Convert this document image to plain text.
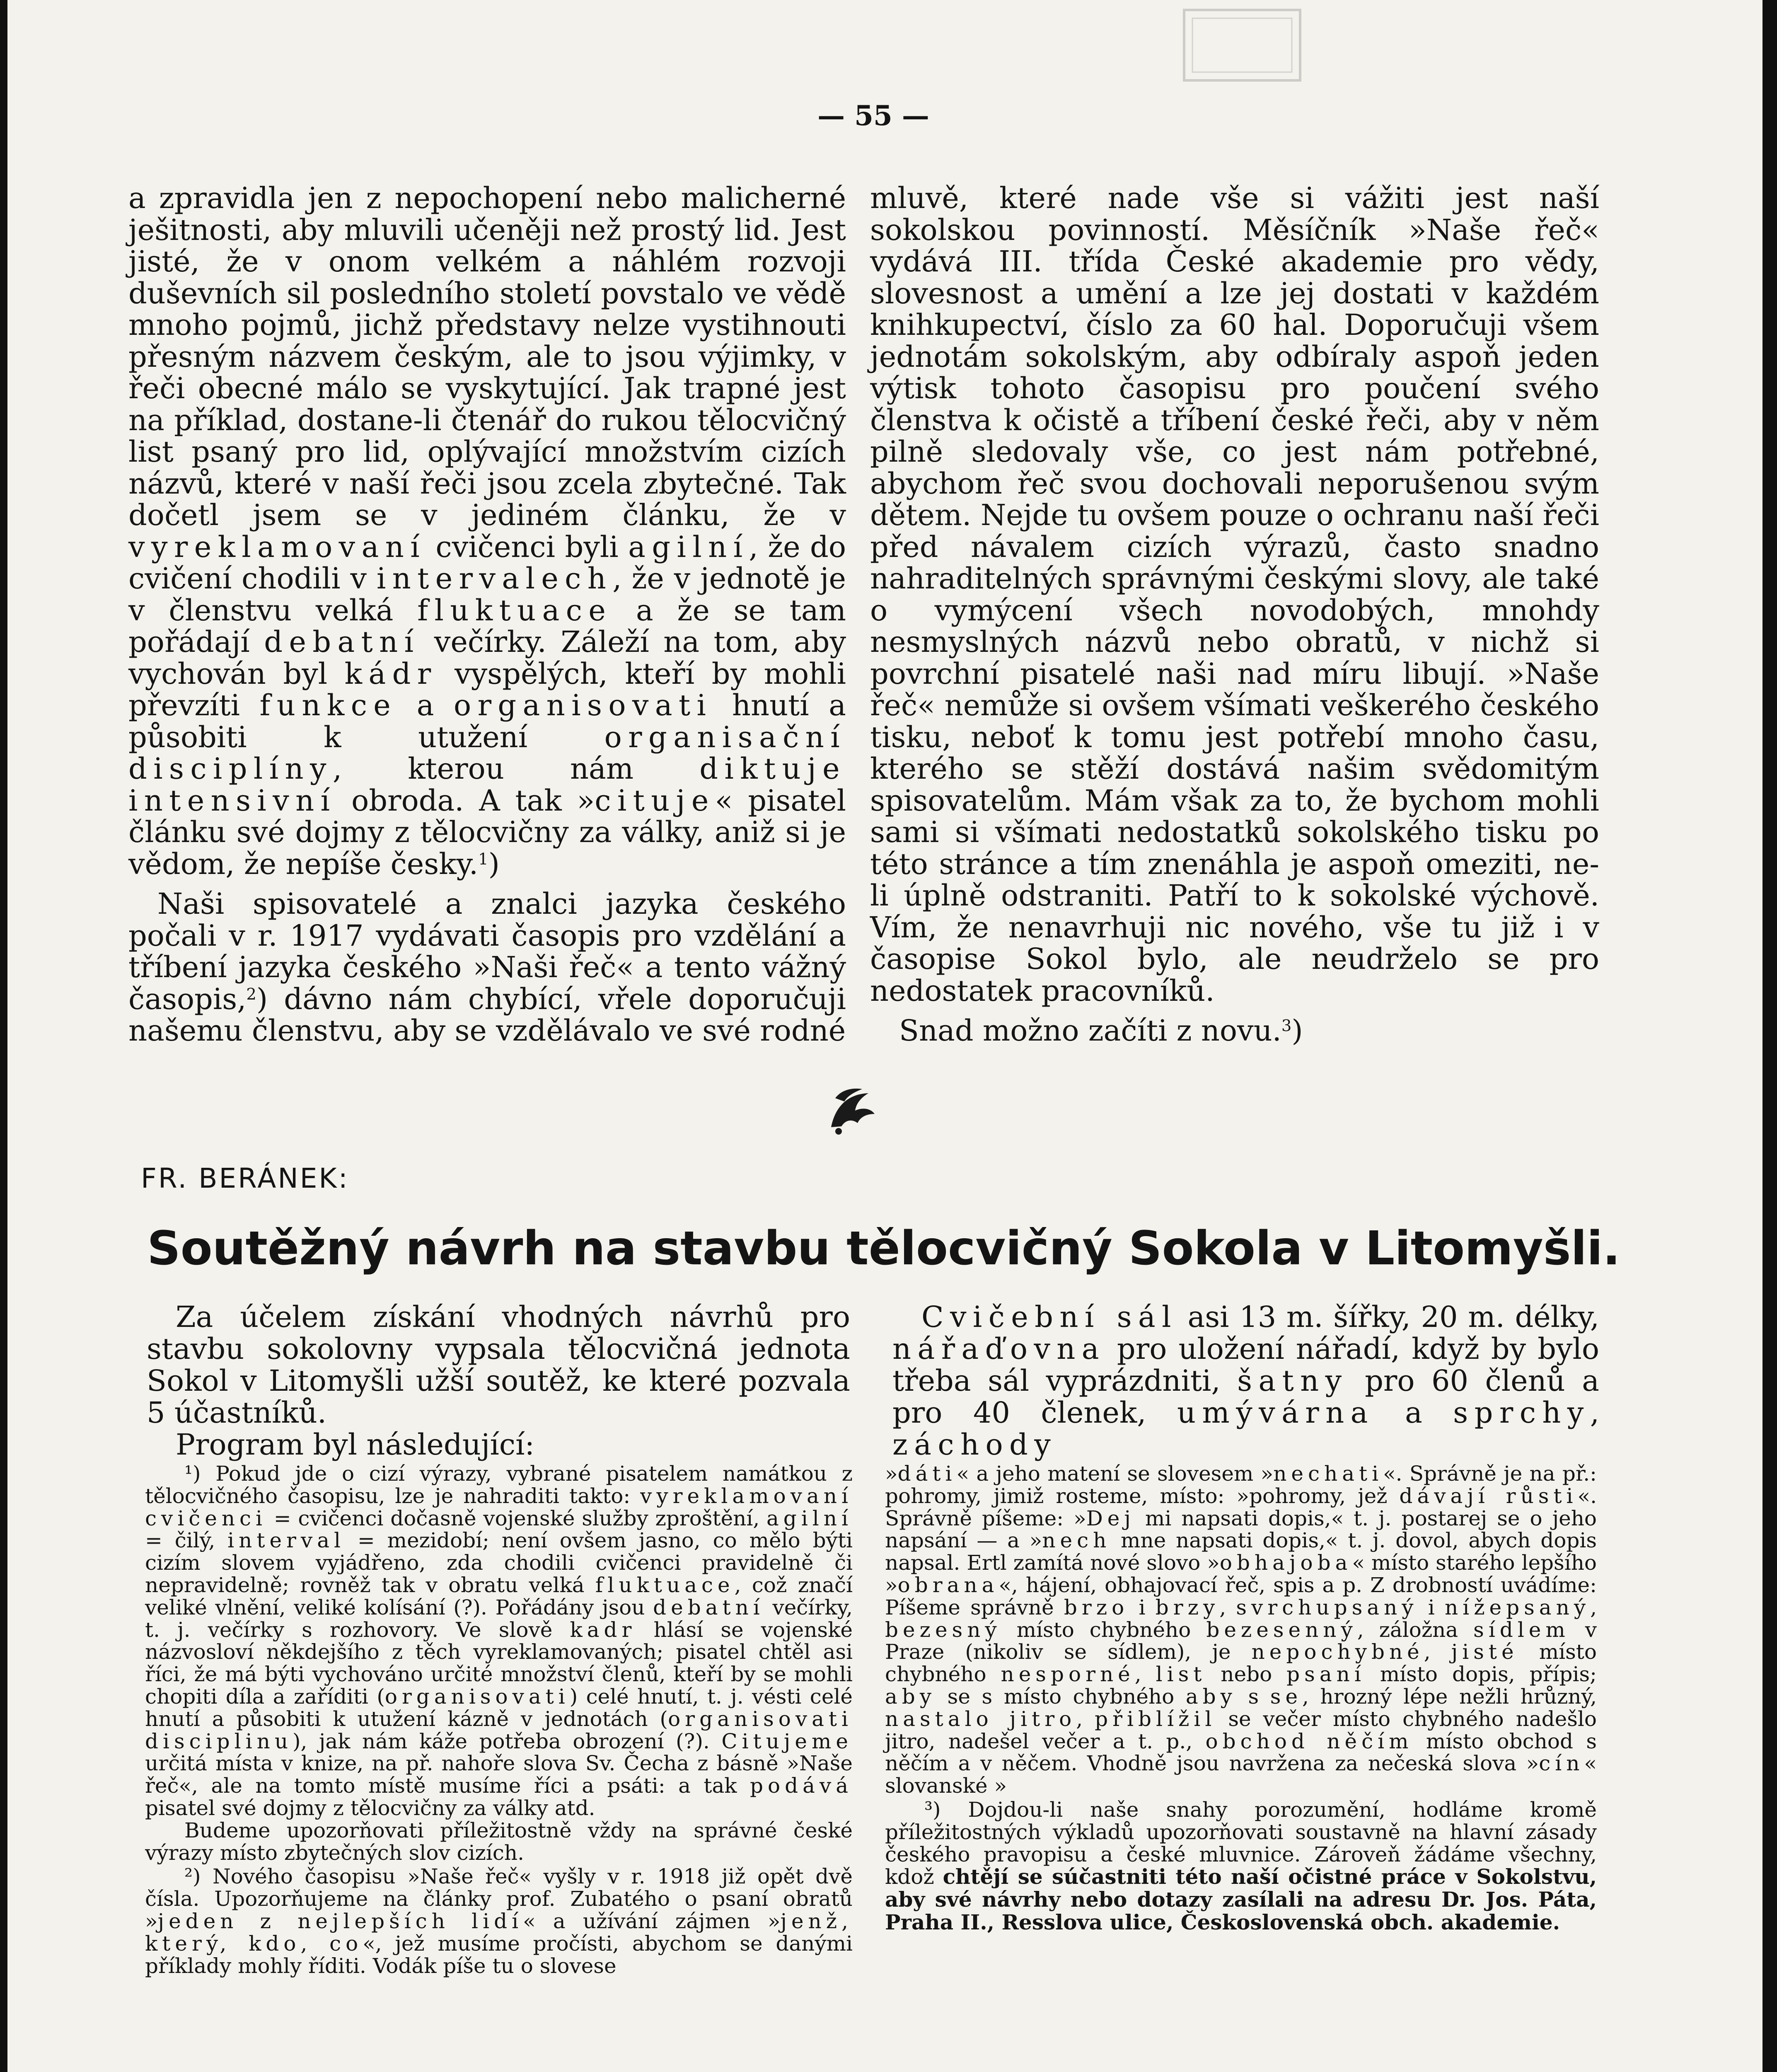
— 55 —

a zpravidla jen z nepochopení nebo malicherné ješitnosti, aby mluvili učeněji než prostý lid. Jest jisté, že v onom velkém a náhlém rozvoji duševních sil posledního století povstalo ve vědě mnoho pojmů, jichž představy nelze vystihnouti přesným názvem českým, ale to jsou výjimky, v řeči obecné málo se vyskytující. Jak trapné jest na příklad, dostane-li čtenář do rukou tělocvičný list psaný pro lid, oplývající množstvím cizích názvů, které v naší řeči jsou zcela zbytečné. Tak dočetl jsem se v jediném článku, že v vyreklamovaní cvičenci byli agilní, že do cvičení chodili v intervalech, že v jednotě je v členstvu velká fluktuace a že se tam pořádají debatní večírky. Záleží na tom, aby vychován byl kádr vyspělých, kteří by mohli převzíti funkce a organisovati hnutí a působiti k utužení organisační disciplíny, kterou nám diktuje intensivní obroda. A tak »cituje« pisatel článku své dojmy z tělocvičny za války, aniž si je vědom, že nepíše česky.$^1$)

Naši spisovatelé a znalci jazyka českého počali v r. 1917 vydávati časopis pro vzdělání a tříbení jazyka českého »Naši řeč« a tento vážný časopis,$^2$) dávno nám chybící, vřele doporučuji našemu členstvu, aby se vzdělávalo ve své rodné

mluvě, které nade vše si vážiti jest naší sokolskou povinností. Měsíčník »Naše řeč« vydává III. třída České akademie pro vědy, slovesnost a umění a lze jej dostati v každém knihkupectví, číslo za 60 hal. Doporučuji všem jednotám sokolským, aby odbíraly aspoň jeden výtisk tohoto časopisu pro poučení svého členstva k očistě a tříbení české řeči, aby v něm pilně sledovaly vše, co jest nám potřebné, abychom řeč svou dochovali neporušenou svým dětem. Nejde tu ovšem pouze o ochranu naší řeči před návalem cizích výrazů, často snadno nahraditelných správnými českými slovy, ale také o vymýcení všech novodobých, mnohdy nesmyslných názvů nebo obratů, v nichž si povrchní pisatelé naši nad míru libují. »Naše řeč« nemůže si ovšem všímati veškerého českého tisku, neboť k tomu jest potřebí mnoho času, kterého se stěží dostává našim svědomitým spisovatelům. Mám však za to, že bychom mohli sami si všímati nedostatků sokolského tisku po této stránce a tím znenáhla je aspoň omeziti, ne-li úplně odstraniti. Patří to k sokolské výchově. Vím, že nenavrhuji nic nového, vše tu již i v časopise Sokol bylo, ale neudrželo se pro nedostatek pracovníků.

Snad možno začíti z novu.$^3$)

FR. BERÁNEK:
Soutěžný návrh na stavbu tělocvičný Sokola v Litomyšli.

Za účelem získání vhodných návrhů pro stavbu sokolovny vypsala tělocvičná jednota Sokol v Litomyšli užší soutěž, ke které pozvala 5 účastníků.

Program byl následující:

Cvičební sál asi 13 m. šířky, 20 m. délky, nářaďovna pro uložení nářadí, když by bylo třeba sál vyprázdniti, šatny pro 60 členů a pro 40 členek, umývárna a sprchy, záchody

¹) Pokud jde o cizí výrazy, vybrané pisatelem namátkou z tělocvičného časopisu, lze je nahraditi takto: vyreklamovaní cvičenci = cvičenci dočasně vojenské služby zproštění, agilní = čilý, interval = mezidobí; není ovšem jasno, co mělo býti cizím slovem vyjádřeno, zda chodili cvičenci pravidelně či nepravidelně; rovněž tak v obratu velká fluktuace, což značí veliké vlnění, veliké kolísání (?). Pořádány jsou debatní večírky, t. j. večírky s rozhovory. Ve slově kadr hlásí se vojenské názvosloví někdejšího z těch vyreklamovaných; pisatel chtěl asi říci, že má býti vychováno určité množství členů, kteří by se mohli chopiti díla a zaříditi (organisovati) celé hnutí, t. j. vésti celé hnutí a působiti k utužení kázně v jednotách (organisovati disciplinu), jak nám káže potřeba obrození (?). Citujeme určitá místa v knize, na př. nahoře slova Sv. Čecha z básně »Naše řeč«, ale na tomto místě musíme říci a psáti: a tak podává pisatel své dojmy z tělocvičny za války atd.

Budeme upozorňovati příležitostně vždy na správné české výrazy místo zbytečných slov cizích.

²) Nového časopisu »Naše řeč« vyšly v r. 1918 již opět dvě čísla. Upozorňujeme na články prof. Zubatého o psaní obratů »jeden z nejlepších lidí« a užívání zájmen »jenž, který, kdo, co«, jež musíme pročísti, abychom se danými příklady mohly říditi. Vodák píše tu o slovese

»dáti« a jeho matení se slovesem »nechati«. Správně je na př.: pohromy, jimiž rosteme, místo: »pohromy, jež dávají růsti«. Správně píšeme: »Dej mi napsati dopis,« t. j. postarej se o jeho napsání — a »nech mne napsati dopis,« t. j. dovol, abych dopis napsal. Ertl zamítá nové slovo »obhajoba« místo starého lepšího »obrana«, hájení, obhajovací řeč, spis a p. Z drobností uvádíme: Píšeme správně brzo i brzy, svrchupsaný i nížepsaný, bezesný místo chybného bezesenný, záložna sídlem v Praze (nikoliv se sídlem), je nepochybné, jisté místo chybného nesporné, list nebo psaní místo dopis, přípis; aby se s místo chybného aby s se, hrozný lépe nežli hrůzný, nastalo jitro, přiblížil se večer místo chybného nadešlo jitro, nadešel večer a t. p., obchod něčím místo obchod s něčím a v něčem. Vhodně jsou navržena za nečeská slova »cín« slovanské »

³) Dojdou-li naše snahy porozumění, hodláme kromě příležitostných výkladů upozorňovati soustavně na hlavní zásady českého pravopisu a české mluvnice. Zároveň žádáme všechny, kdož chtějí se súčastniti této naší očistné práce v Sokolstvu, aby své návrhy nebo dotazy zasílali na adresu Dr. Jos. Páta, Praha II., Resslova ulice, Československá obch. akademie.
